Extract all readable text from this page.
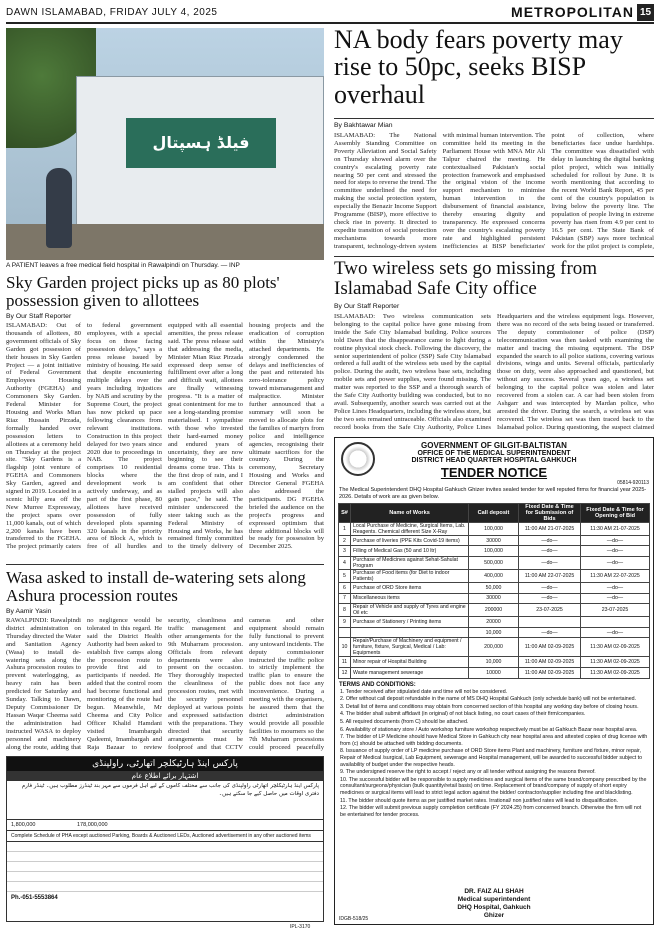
DAWN ISLAMABAD, FRIDAY JULY 4, 2025	METROPOLITAN 15
فیلڈ ہسپتال
A PATIENT leaves a free medical field hospital in Rawalpindi on Thursday. — INP
Sky Garden project picks up as 80 plots' possession given to allottees
By Our Staff Reporter
ISLAMABAD: Out of thousands of allottees, 80 government officials of Sky Garden got possession of their houses in Sky Garden Project — a joint initiative of Federal Government Employees Housing Authority (FGEHA) and Commoners Sky Garden. Federal Minister for Housing and Works Mian Riaz Hussain Pirzada, formally handed over possession letters to allottees at a ceremony held on Thursday at the project site. "Sky Gardens is a flagship joint venture of FGEHA and Commoners Sky Garden, agreed and signed in 2019. Located in a scenic hilly area off the New Murree Expressway, the project spans over 11,000 kanals, out of which 2,200 kanals have been transferred to the FGEHA. The project primarily caters to federal government employees, with a special focus on those facing possession delays," says a press release issued by ministry of housing. He said that despite encountering multiple delays over the years including injustices by NAB and scrutiny by the Supreme Court, the project has now picked up pace following clearances from relevant institutions. Construction in this project delayed for two years since 2020 due to proceedings in NAB. The project comprises 10 residential blocks where the development work is actively underway, and as part of the first phase, 80 allottees have received possession of fully developed plots spanning 320 kanals in the priority area of Block A, which is free of all hurdles and equipped with all essential amenities, the press release said. The press release said that addressing the media, Minister Mian Riaz Pirzada expressed deep sense of fulfillment over after a long and difficult wait, allottees are finally witnessing progress. "It is a matter of great contentment for me to see a long-standing promise materialised. I sympathise with those who invested their hard-earned money and endured years of uncertainty, they are now beginning to see their dreams come true. This is the first drop of rain, and I am confident that other stalled projects will also gain pace," he said. The minister underscored the steer taking such as the Federal Ministry of Housing and Works, he has remained firmly committed to the timely delivery of housing projects and the eradication of corruption within the Ministry's attached departments. He strongly condemned the delays and inefficiencies of the past and reiterated his zero-tolerance policy toward mismanagement and malpractice. Minister further announced that a summary will soon be moved to allocate plots for the families of martyrs from police and intelligence agencies, recognising their ultimate sacrifices for the country. During the ceremony, Secretary Housing and Works and Director General FGEHA also addressed the participants. DG FGEHA briefed the audience on the project's progress and expressed optimism that three additional blocks will be ready for possession by December 2025.
NA body fears poverty may rise to 50pc, seeks BISP overhaul
By Bakhtawar Mian
ISLAMABAD: The National Assembly Standing Committee on Poverty Alleviation and Social Safety on Thursday showed alarm over the country's escalating poverty rate nearing 50 per cent and stressed the need for steps to reverse the trend. The committee underlined the need for making the social protection system, especially the Benazir Income Support Programme (BISP), more effective to check rise in poverty. It directed to expedite transition of social protection mechanisms towards more transparent, technology-driven system with minimal human intervention. The committee held its meeting in the Parliament House with MNA Mir Ali Talpur chaired the meeting. He contextualised Pakistan's social protection framework and emphasised the original vision of the income support mechanism to minimise human intervention in the disbursement of financial assistance, thereby ensuring dignity and transparency. He expressed concerns over the country's escalating poverty rate and highlighted persistent inefficiencies at BISP beneficiaries' point of collection, where beneficiaries face undue hardships. The committee was dissatisfied with delay in launching the digital banking pilot project, which was initially scheduled for rollout by June. It is worth mentioning that according to the recent World Bank Report, 45 per cent of the country's population is living below the poverty line. The population of people living in extreme poverty has risen from 4.9 per cent to 16.5 per cent. The State Bank of Pakistan (SBP) says more technical work for the pilot project is complete,
Two wireless sets go missing from Islamabad Safe City office
By Our Staff Reporter
ISLAMABAD: Two wireless communication sets belonging to the capital police have gone missing from inside the Safe City Islamabad building. Police sources told Dawn that the disappearance came to light during a routine physical stock check. Following the discovery, the senior superintendent of police (SSP) Safe City Islamabad ordered a full audit of the wireless sets used by the capital police. During the audit, two wireless base sets, including mobile sets and power supplies, were found missing. The matter was reported to the SSP and a thorough search of the Safe City Authority building was conducted, but to no avail. Subsequently, another search was carried out at the Police Lines Headquarters, including the wireless store, but the two sets remained untraceable. Officials also examined record books from the Safe City Authority, Police Lines Headquarters and the wireless equipment logs. However, there was no record of the sets being issued or transferred. The deputy commissioner of police (DSP) telecommunication was then tasked with examining the matter and tracing the missing equipment. The DSP expanded the search to all police stations, covering various divisions, wings and units. Several officials, particularly those on duty, were also approached and questioned, but without any success. Several years ago, a wireless set belonging to the capital police was stolen and later recovered from a stolen car. A car had been stolen from Ashgarr and was intercepted by Mardan police, who arrested the driver. During the search, a wireless set was recovered. The wireless set was then traced back to the Islamabad police. During questioning, the suspect claimed
Wasa asked to install de-watering sets along Ashura procession routes
By Aamir Yasin
RAWALPINDI: Rawalpindi district administration on Thursday directed the Water and Sanitation Agency (Wasa) to install de-watering sets along the Ashura procession routes to prevent waterlogging, as heavy rain has been predicted for Saturday and Sunday. Talking to Dawn, Deputy Commissioner Dr Hassan Waqar Cheema said the administration had instructed WASA to deploy personnel and machinery along the route, adding that no negligence would be tolerated in this regard. He said the District Health Authority had been asked to establish five camps along the procession route to provide first aid to participants if needed. He added that the control room had become functional and monitoring of the route had begun. Meanwhile, Mr Cheema and City Police Officer Khalid Hamdani visited Imambargah Qadeemi, Imambargah and Raja Bazaar to review security, cleanliness and traffic management and other arrangements for the 9th Muharram procession. Officials from relevant departments were also present on the occasion. They thoroughly inspected the cleanliness of the procession routes, met with the security personnel deployed at various points and expressed satisfaction with the preparations. They directed that security arrangements must be foolproof and that CCTV cameras and other equipment should remain fully functional to prevent any untoward incidents. The deputy commissioner instructed the traffic police to strictly implement the traffic plan to ensure the public does not face any inconvenience. During a meeting with the organisers, he assured them that the district administration would provide all possible facilities to mourners so the 7th Muharram processions could proceed peacefully
پارکس اینڈ ہارٹیکلچر اتھارٹی، راولپنڈی
اشتہار برائے اطلاع عام
پارکس اینڈ ہارٹیکلچر اتھارٹی راولپنڈی کی جانب سے مختلف کاموں کے لیے اہل فرموں سے مہر بند ٹینڈرز مطلوب ہیں۔ ٹینڈر فارم دفتری اوقات میں حاصل کیے جا سکتے ہیں۔
1,800,000	178,000,000
Complete Schedule of PHA except auctioned Parking, Boards & Auctioned LEDs, Auctioned advertisement in any other auctioned items
Ph.-051-5553864
IPL-3170
GOVERNMENT OF GILGIT-BALTISTAN
OFFICE OF THE MEDICAL SUPERINTENDENT
DISTRICT HEAD QUARTER HOSPITAL GAHKUCH
TENDER NOTICE
05814-920113
The Medical Superintendent DHQ Hospital Gahkuch Ghizer invites sealed tender for well reputed firms for financial year 2025-2026. Details of work are as given below.
S#	Name of Works	Call deposit	Fixed Date & Time for Submission of Bids	Fixed Date & Time for Opening of Bid
1	Local Purchase of Medicine, Surgical Items, Lab. Reagents. Chemical different Size X-Ray	100,000	11:00 AM 21-07-2025	11:30 AM 21-07-2025
2	Purchase of liveries (PPE Kits Covid-19 items)	30000	—do—	—do—
3	Filling of Medical Gas (50 and 10 ltr)	100,000	—do—	—do—
4	Purchase of Medicines against Sehat-Sahulat Program	500,000	—do—	—do—
5	Purchase of Food items (for Diet to indoor Patients)	400,000	11:00 AM 22-07-2025	11:30 AM 22-07-2025
6	Purchase of ORD Store items	50,000	—do—	—do—
7	Miscellaneous items	30000	—do—	—do—
8	Repair of Vehicle and supply of Tyres and engine Oil etc	200000	23-07-2025	23-07-2025
9	Purchase of Stationery / Printing items	20000		
		10,000	—do—	—do—
10	Repair/Purchase of Machinery and equipment / furniture, fixture, Surgical, Medical / Lab: Equipments	200,000	11:00 AM 02-09-2025	11:30 AM 02-09-2025
11	Minor repair of Hospital Building	10,000	11:00 AM 02-09-2025	11:30 AM 02-09-2025
12	Waste management sewerage	10000	11:00 AM 02-09-2025	11:30 AM 02-09-2025
TERMS AND CONDITIONS:
1. Tender received after stipulated date and time will not be considered.
2. Offer without call deposit refundable in the name of MS DHQ Hospital Gahkuch (only schedule bank) will not be entertained.
3. Detail list of items and conditions may obtain from concerned section of this hospital any working day before of closing hours.
4. The bidder shall submit affidavit (in original) of not black listing, no court cases of their firm/companies.
5. All required documents (from C) should be attached.
6. Availability of stationary store / Auto workshop furniture workshop respectively must be at Gahkuch Bazar near hospital area.
7. The bidder of LP Medicine should have Medical Store in Gahkuch city near hospital area and attested copies of drug license with from (c) should be attached with bidding documents.
8. Issuance of supply order of LP medicine purchase of ORD Store items Plant and machinery, furniture and fixture, minor repair, Repair of Medical /surgical, Lab Equipment, sewerage and Hospital management, will be awarded to successful bidder subject to availability of budget under the respective heads.
9. The undersigned reserve the right to accept / reject any or all tender without assigning the reasons thereof.
10. The successful bidder will be responsible to supply medicines and surgical items of the same brand/company prescribed by the consultant/surgeons/physician (bulk quantity/retail basis) on time. Replacement of brand/company of supply of short expiry medicines or surgical items will lead to strict legal action against the bidder/ contractor/supplier including fine and blacklisting.
11. The bidder should quote items as per justified market rates. Irrational/ non justified rates will lead to disqualification.
12. The bidder will submit previous supply completion certificate (FY 2024.25) from concerned branch. Otherwise the firm will not be entertained for tender process.
DR. FAIZ ALI SHAH
Medical superintendent
DHQ Hospital, Gahkuch
Ghizer
IDGB-518/25
